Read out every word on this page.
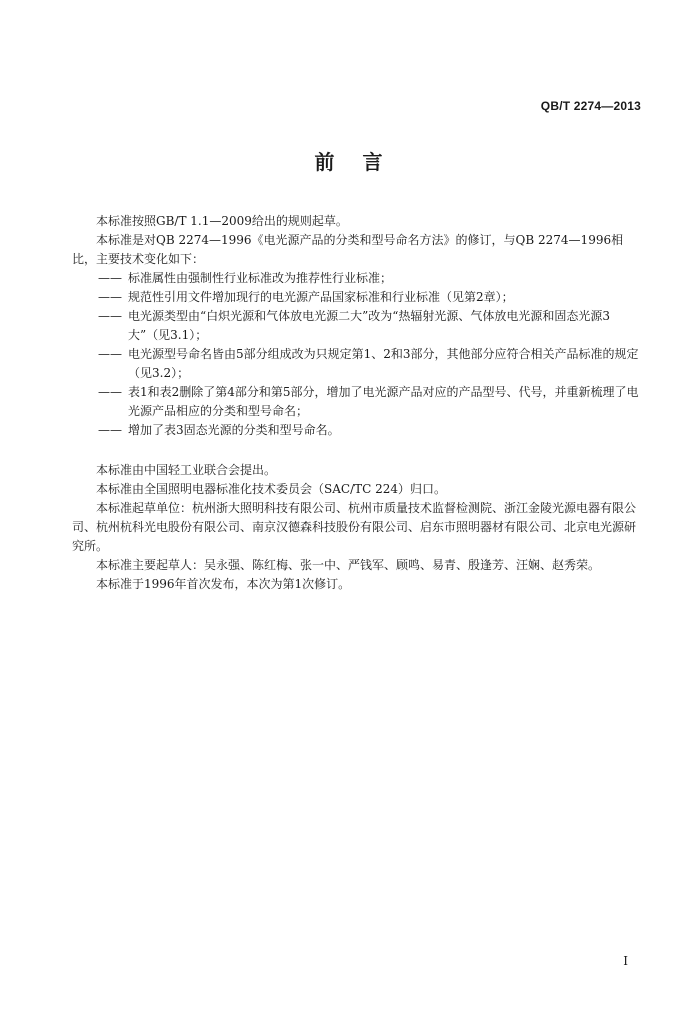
QB/T 2274—2013
前言

本标准按照GB/T 1.1—2009给出的规则起草。

本标准是对QB 2274—1996《电光源产品的分类和型号命名方法》的修订，与QB 2274—1996相比，主要技术变化如下：

—— 标准属性由强制性行业标准改为推荐性行业标准；

—— 规范性引用文件增加现行的电光源产品国家标准和行业标准（见第2章）；

—— 电光源类型由“白炽光源和气体放电光源二大”改为“热辐射光源、气体放电光源和固态光源3大”（见3.1）；

—— 电光源型号命名皆由5部分组成改为只规定第1、2和3部分，其他部分应符合相关产品标准的规定（见3.2）；

—— 表1和表2删除了第4部分和第5部分，增加了电光源产品对应的产品型号、代号，并重新梳理了电光源产品相应的分类和型号命名；

—— 增加了表3固态光源的分类和型号命名。

本标准由中国轻工业联合会提出。

本标准由全国照明电器标准化技术委员会（SAC/TC 224）归口。

本标准起草单位：杭州浙大照明科技有限公司、杭州市质量技术监督检测院、浙江金陵光源电器有限公司、杭州杭科光电股份有限公司、南京汉德森科技股份有限公司、启东市照明器材有限公司、北京电光源研究所。

本标准主要起草人：吴永强、陈红梅、张一中、严钱军、顾鸣、易青、殷逢芳、汪娴、赵秀荣。

本标准于1996年首次发布，本次为第1次修订。

I
